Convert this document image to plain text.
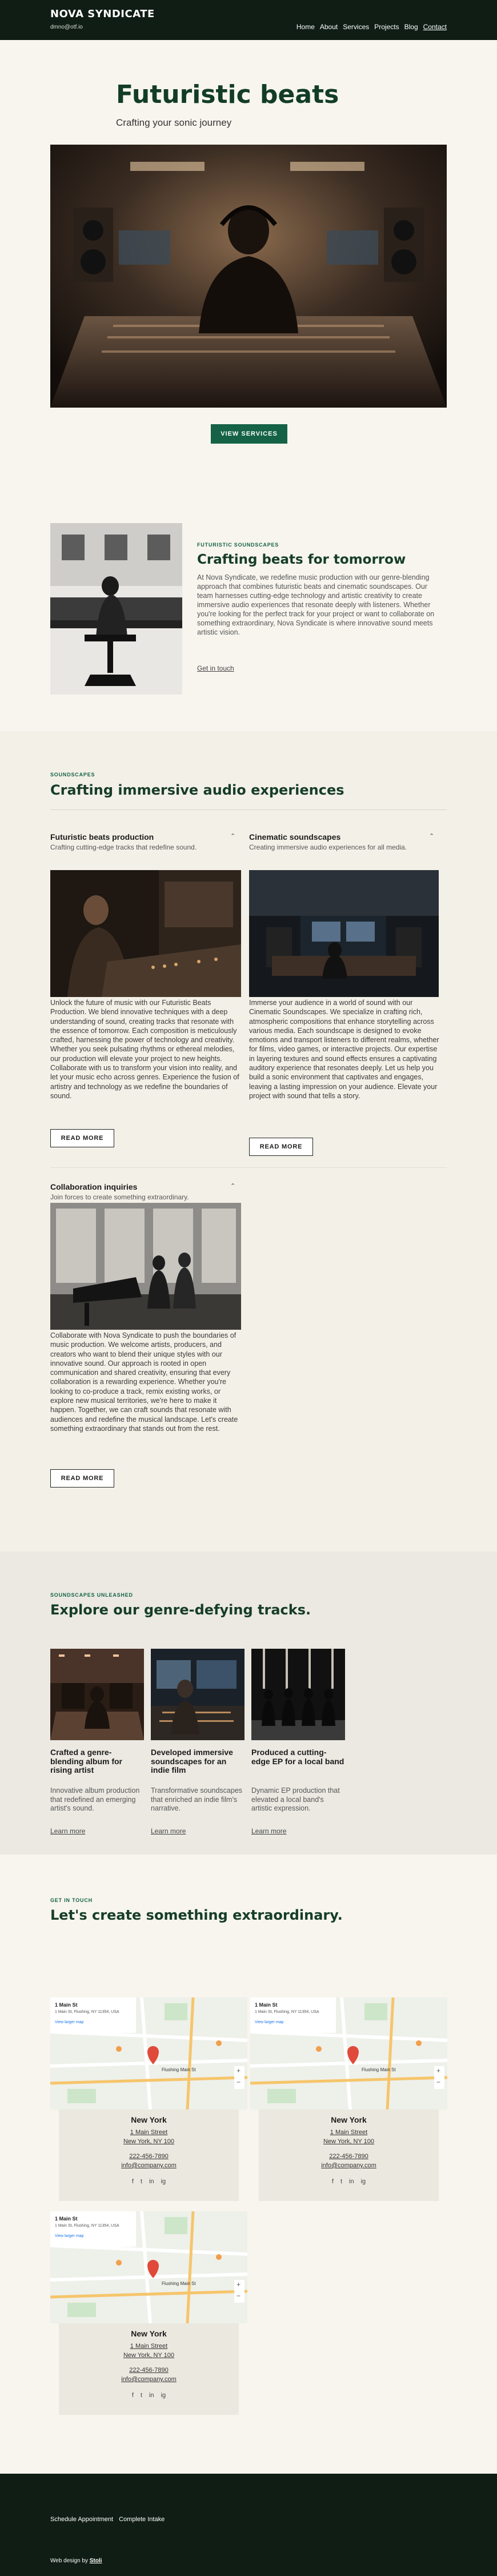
NOVA SYNDICATE
dmno@otf.io	Home About Services Projects Blog Contact
Futuristic beats
Crafting your sonic journey
VIEW SERVICES
FUTURISTIC SOUNDSCAPES
Crafting beats for tomorrow
At Nova Syndicate, we redefine music production with our genre-blending approach that combines futuristic beats and cinematic soundscapes. Our team harnesses cutting-edge technology and artistic creativity to create immersive audio experiences that resonate deeply with listeners. Whether you're looking for the perfect track for your project or want to collaborate on something extraordinary, Nova Syndicate is where innovative sound meets artistic vision.
Get in touch
SOUNDSCAPES
Crafting immersive audio experiences
Futuristic beats production
Crafting cutting-edge tracks that redefine sound.
⌃
Unlock the future of music with our Futuristic Beats Production. We blend innovative techniques with a deep understanding of sound, creating tracks that resonate with the essence of tomorrow. Each composition is meticulously crafted, harnessing the power of technology and creativity. Whether you seek pulsating rhythms or ethereal melodies, our production will elevate your project to new heights. Collaborate with us to transform your vision into reality, and let your music echo across genres. Experience the fusion of artistry and technology as we redefine the boundaries of sound.
READ MORE
Cinematic soundscapes
Creating immersive audio experiences for all media.
⌃
Immerse your audience in a world of sound with our Cinematic Soundscapes. We specialize in crafting rich, atmospheric compositions that enhance storytelling across various media. Each soundscape is designed to evoke emotions and transport listeners to different realms, whether for films, video games, or interactive projects. Our expertise in layering textures and sound effects ensures a captivating auditory experience that resonates deeply. Let us help you build a sonic environment that captivates and engages, leaving a lasting impression on your audience. Elevate your project with sound that tells a story.
READ MORE
Collaboration inquiries
Join forces to create something extraordinary.
⌃
Collaborate with Nova Syndicate to push the boundaries of music production. We welcome artists, producers, and creators who want to blend their unique styles with our innovative sound. Our approach is rooted in open communication and shared creativity, ensuring that every collaboration is a rewarding experience. Whether you're looking to co-produce a track, remix existing works, or explore new musical territories, we're here to make it happen. Together, we can craft sounds that resonate with audiences and redefine the musical landscape. Let's create something extraordinary that stands out from the rest.
READ MORE
SOUNDSCAPES UNLEASHED
Explore our genre-defying tracks.
Crafted a genre-blending album for rising artist
Developed immersive soundscapes for an indie film
Produced a cutting-edge EP for a local band
Innovative album production that redefined an emerging artist's sound.
Transformative soundscapes that enriched an indie film's narrative.
Dynamic EP production that elevated a local band's artistic expression.
Learn more	Learn more	Learn more
GET IN TOUCH
Let's create something extraordinary.
1 Main St
1 Main St, Flushing, NY 11354, USA
View larger map
Flushing Main St	+
−
New York
1 Main Street
New York, NY 100
222-456-7890
info@company.com
f t in ig
1 Main St
1 Main St, Flushing, NY 11354, USA
View larger map
Flushing Main St	+
−
New York
1 Main Street
New York, NY 100
222-456-7890
info@company.com
f t in ig
1 Main St
1 Main St, Flushing, NY 11354, USA
View larger map
Flushing Main St	+
−
New York
1 Main Street
New York, NY 100
222-456-7890
info@company.com
f t in ig
Schedule Appointment Complete Intake
Web design by Stoli
